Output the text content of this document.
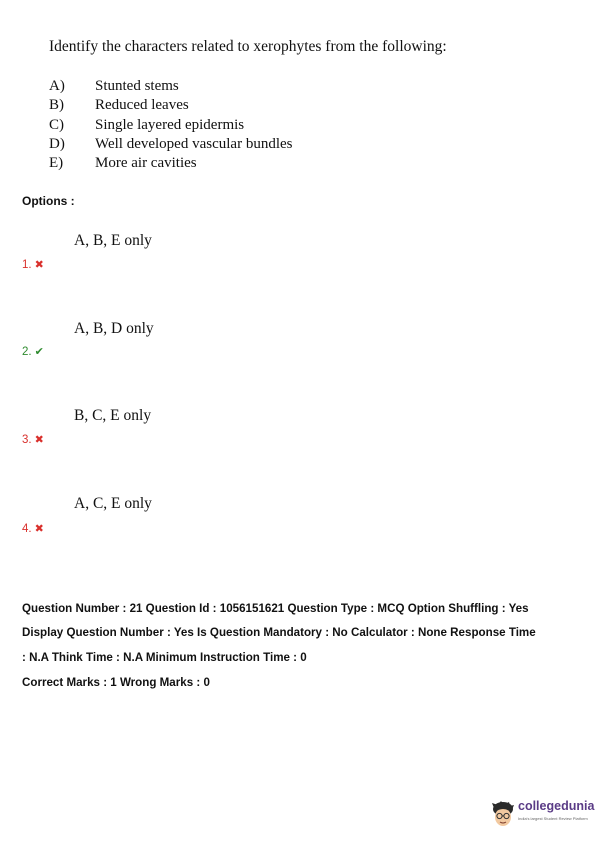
Identify the characters related to xerophytes from the following:
A)	Stunted stems
B)	Reduced leaves
C)	Single layered epidermis
D)	Well developed vascular bundles
E)	More air cavities
Options :
A, B, E only
1. ✖
A, B, D only
2. ✔
B, C, E only
3. ✖
A, C, E only
4. ✖
Question Number : 21 Question Id : 1056151621 Question Type : MCQ Option Shuffling : Yes
Display Question Number : Yes Is Question Mandatory : No Calculator : None Response Time
: N.A Think Time : N.A Minimum Instruction Time : 0
Correct Marks : 1 Wrong Marks : 0
collegedunia
India's largest Student Review Platform
